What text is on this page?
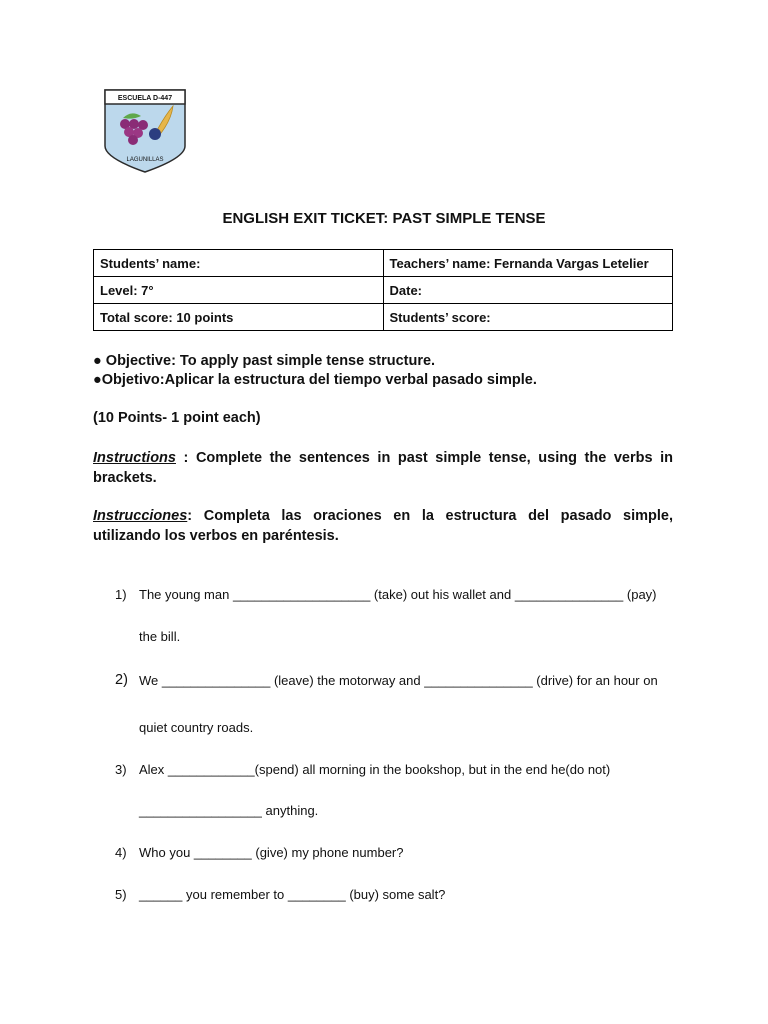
ESCUELA D-447
LAGUNILLAS
ENGLISH EXIT TICKET: PAST SIMPLE TENSE
Students’ name:	Teachers’ name: Fernanda Vargas Letelier
Level: 7°	Date:
Total score: 10 points	Students’ score:
● Objective: To apply past simple tense structure.
●Objetivo:Aplicar la estructura del tiempo verbal pasado simple.
(10 Points- 1 point each)
Instructions : Complete the sentences in past simple tense, using the verbs in brackets.
Instrucciones: Completa las oraciones en la estructura del pasado simple, utilizando los verbos en paréntesis.
1) The young man ___________________ (take) out his wallet and _______________ (pay)
the bill.
2) We _______________ (leave) the motorway and _______________ (drive) for an hour on
quiet country roads.
3) Alex ____________(spend) all morning in the bookshop, but in the end he(do not)
_________________ anything.
4) Who you ________ (give) my phone number?
5) ______ you remember to ________ (buy) some salt?
